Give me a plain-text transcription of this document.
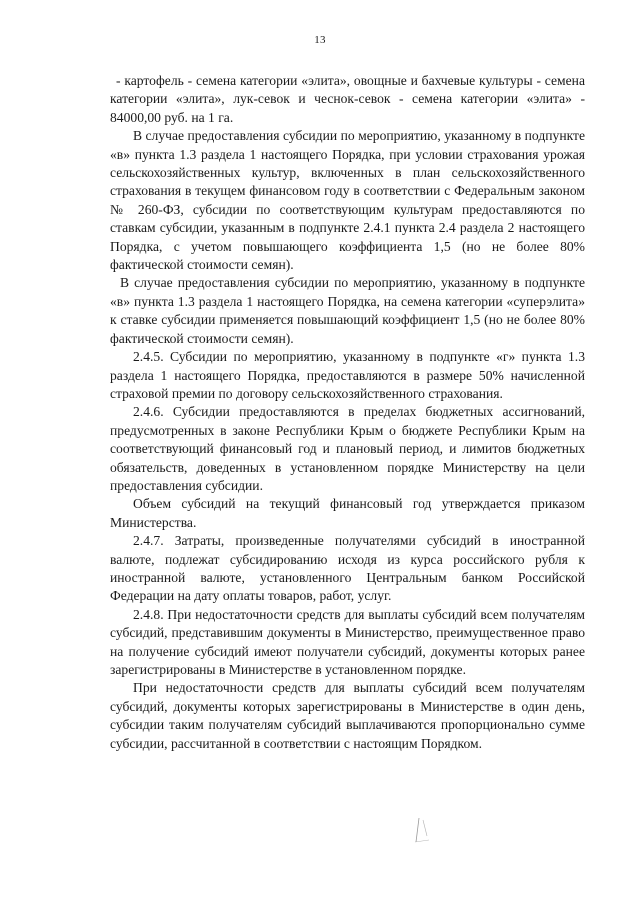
13

- картофель - семена категории «элита», овощные и бахчевые культуры - семена категории «элита», лук-севок и чеснок-севок - семена категории «элита» - 84000,00 руб. на 1 га.

В случае предоставления субсидии по мероприятию, указанному в подпункте «в» пункта 1.3 раздела 1 настоящего Порядка, при условии страхования урожая сельскохозяйственных культур, включенных в план сельскохозяйственного страхования в текущем финансовом году в соответствии с Федеральным законом № 260-ФЗ, субсидии по соответствующим культурам предоставляются по ставкам субсидии, указанным в подпункте 2.4.1 пункта 2.4 раздела 2 настоящего Порядка, с учетом повышающего коэффициента 1,5 (но не более 80% фактической стоимости семян).

В случае предоставления субсидии по мероприятию, указанному в подпункте «в» пункта 1.3 раздела 1 настоящего Порядка, на семена категории «суперэлита» к ставке субсидии применяется повышающий коэффициент 1,5 (но не более 80% фактической стоимости семян).

2.4.5. Субсидии по мероприятию, указанному в подпункте «г» пункта 1.3 раздела 1 настоящего Порядка, предоставляются в размере 50% начисленной страховой премии по договору сельскохозяйственного страхования.

2.4.6. Субсидии предоставляются в пределах бюджетных ассигнований, предусмотренных в законе Республики Крым о бюджете Республики Крым на соответствующий финансовый год и плановый период, и лимитов бюджетных обязательств, доведенных в установленном порядке Министерству на цели предоставления субсидии.

Объем субсидий на текущий финансовый год утверждается приказом Министерства.

2.4.7. Затраты, произведенные получателями субсидий в иностранной валюте, подлежат субсидированию исходя из курса российского рубля к иностранной валюте, установленного Центральным банком Российской Федерации на дату оплаты товаров, работ, услуг.

2.4.8. При недостаточности средств для выплаты субсидий всем получателям субсидий, представившим документы в Министерство, преимущественное право на получение субсидий имеют получатели субсидий, документы которых ранее зарегистрированы в Министерстве в установленном порядке.

При недостаточности средств для выплаты субсидий всем получателям субсидий, документы которых зарегистрированы в Министерстве в один день, субсидии таким получателям субсидий выплачиваются пропорционально сумме субсидии, рассчитанной в соответствии с настоящим Порядком.
